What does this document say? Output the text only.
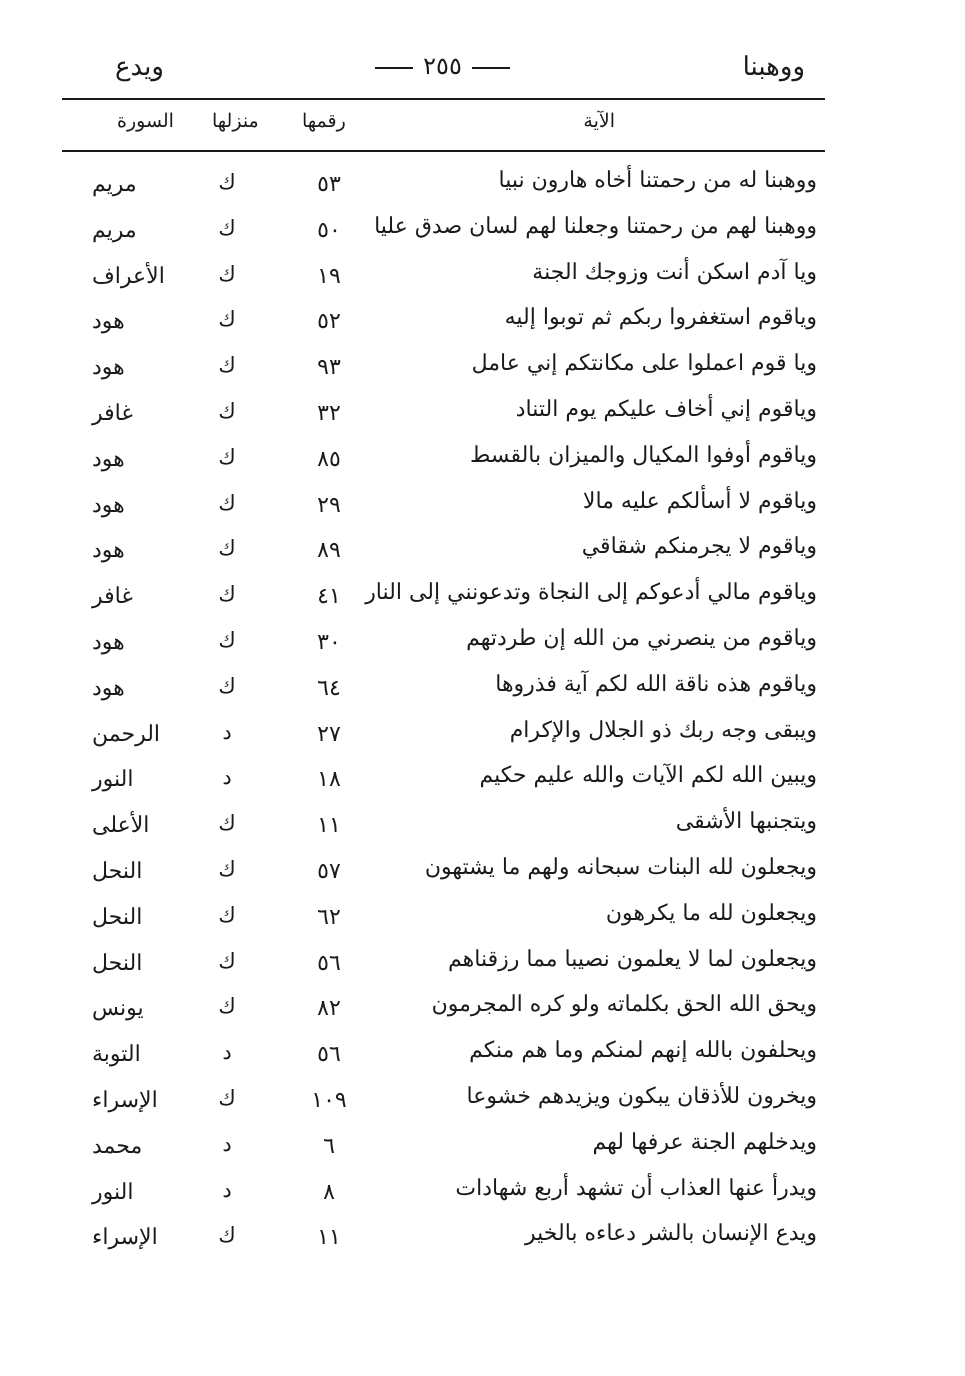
ووهبنا
٢٥٥
ويدع
الآية
رقمها
منزلها
السورة
ووهبنا له من رحمتنا أخاه هارون نبيا
٥٣
ك
مريم
ووهبنا لهم من رحمتنا وجعلنا لهم لسان صدق عليا
٥٠
ك
مريم
ويا آدم اسكن أنت وزوجك الجنة
١٩
ك
الأعراف
وياقوم استغفروا ربكم ثم توبوا إليه
٥٢
ك
هود
ويا قوم اعملوا على مكانتكم إني عامل
٩٣
ك
هود
وياقوم إني أخاف عليكم يوم التناد
٣٢
ك
غافر
وياقوم أوفوا المكيال والميزان بالقسط
٨٥
ك
هود
وياقوم لا أسألكم عليه مالا
٢٩
ك
هود
وياقوم لا يجرمنكم شقاقي
٨٩
ك
هود
وياقوم مالي أدعوكم إلى النجاة وتدعونني إلى النار
٤١
ك
غافر
وياقوم من ينصرني من الله إن طردتهم
٣٠
ك
هود
وياقوم هذه ناقة الله لكم آية فذروها
٦٤
ك
هود
ويبقى وجه ربك ذو الجلال والإكرام
٢٧
د
الرحمن
ويبين الله لكم الآيات والله عليم حكيم
١٨
د
النور
ويتجنبها الأشقى
١١
ك
الأعلى
ويجعلون لله البنات سبحانه ولهم ما يشتهون
٥٧
ك
النحل
ويجعلون لله ما يكرهون
٦٢
ك
النحل
ويجعلون لما لا يعلمون نصيبا مما رزقناهم
٥٦
ك
النحل
ويحق الله الحق بكلماته ولو كره المجرمون
٨٢
ك
يونس
ويحلفون بالله إنهم لمنكم وما هم منكم
٥٦
د
التوبة
ويخرون للأذقان يبكون ويزيدهم خشوعا
١٠٩
ك
الإسراء
ويدخلهم الجنة عرفها لهم
٦
د
محمد
ويدرأ عنها العذاب أن تشهد أربع شهادات
٨
د
النور
ويدع الإنسان بالشر دعاءه بالخير
١١
ك
الإسراء
